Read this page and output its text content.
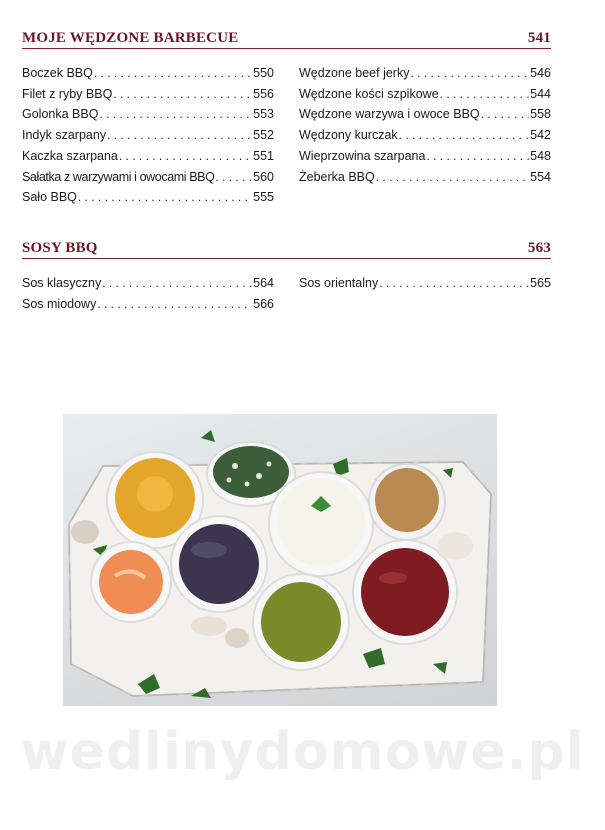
MOJE WĘDZONE BARBECUE	541
Boczek BBQ . . .	550
Filet z ryby BBQ . . .	556
Golonka BBQ . . .	553
Indyk szarpany . . .	552
Kaczka szarpana . . .	551
Sałatka z warzywami i owocami BBQ . . .	560
Sało BBQ . . .	555
Wędzone beef jerky . . .	546
Wędzone kości szpikowe . . .	544
Wędzone warzywa i owoce BBQ . . .	558
Wędzony kurczak . . .	542
Wieprzowina szarpana . . .	548
Żeberka BBQ . . .	554
SOSY BBQ	563
Sos klasyczny . . .	564
Sos miodowy . . .	566
Sos orientalny . . .	565
wedlinydomowe.pl
